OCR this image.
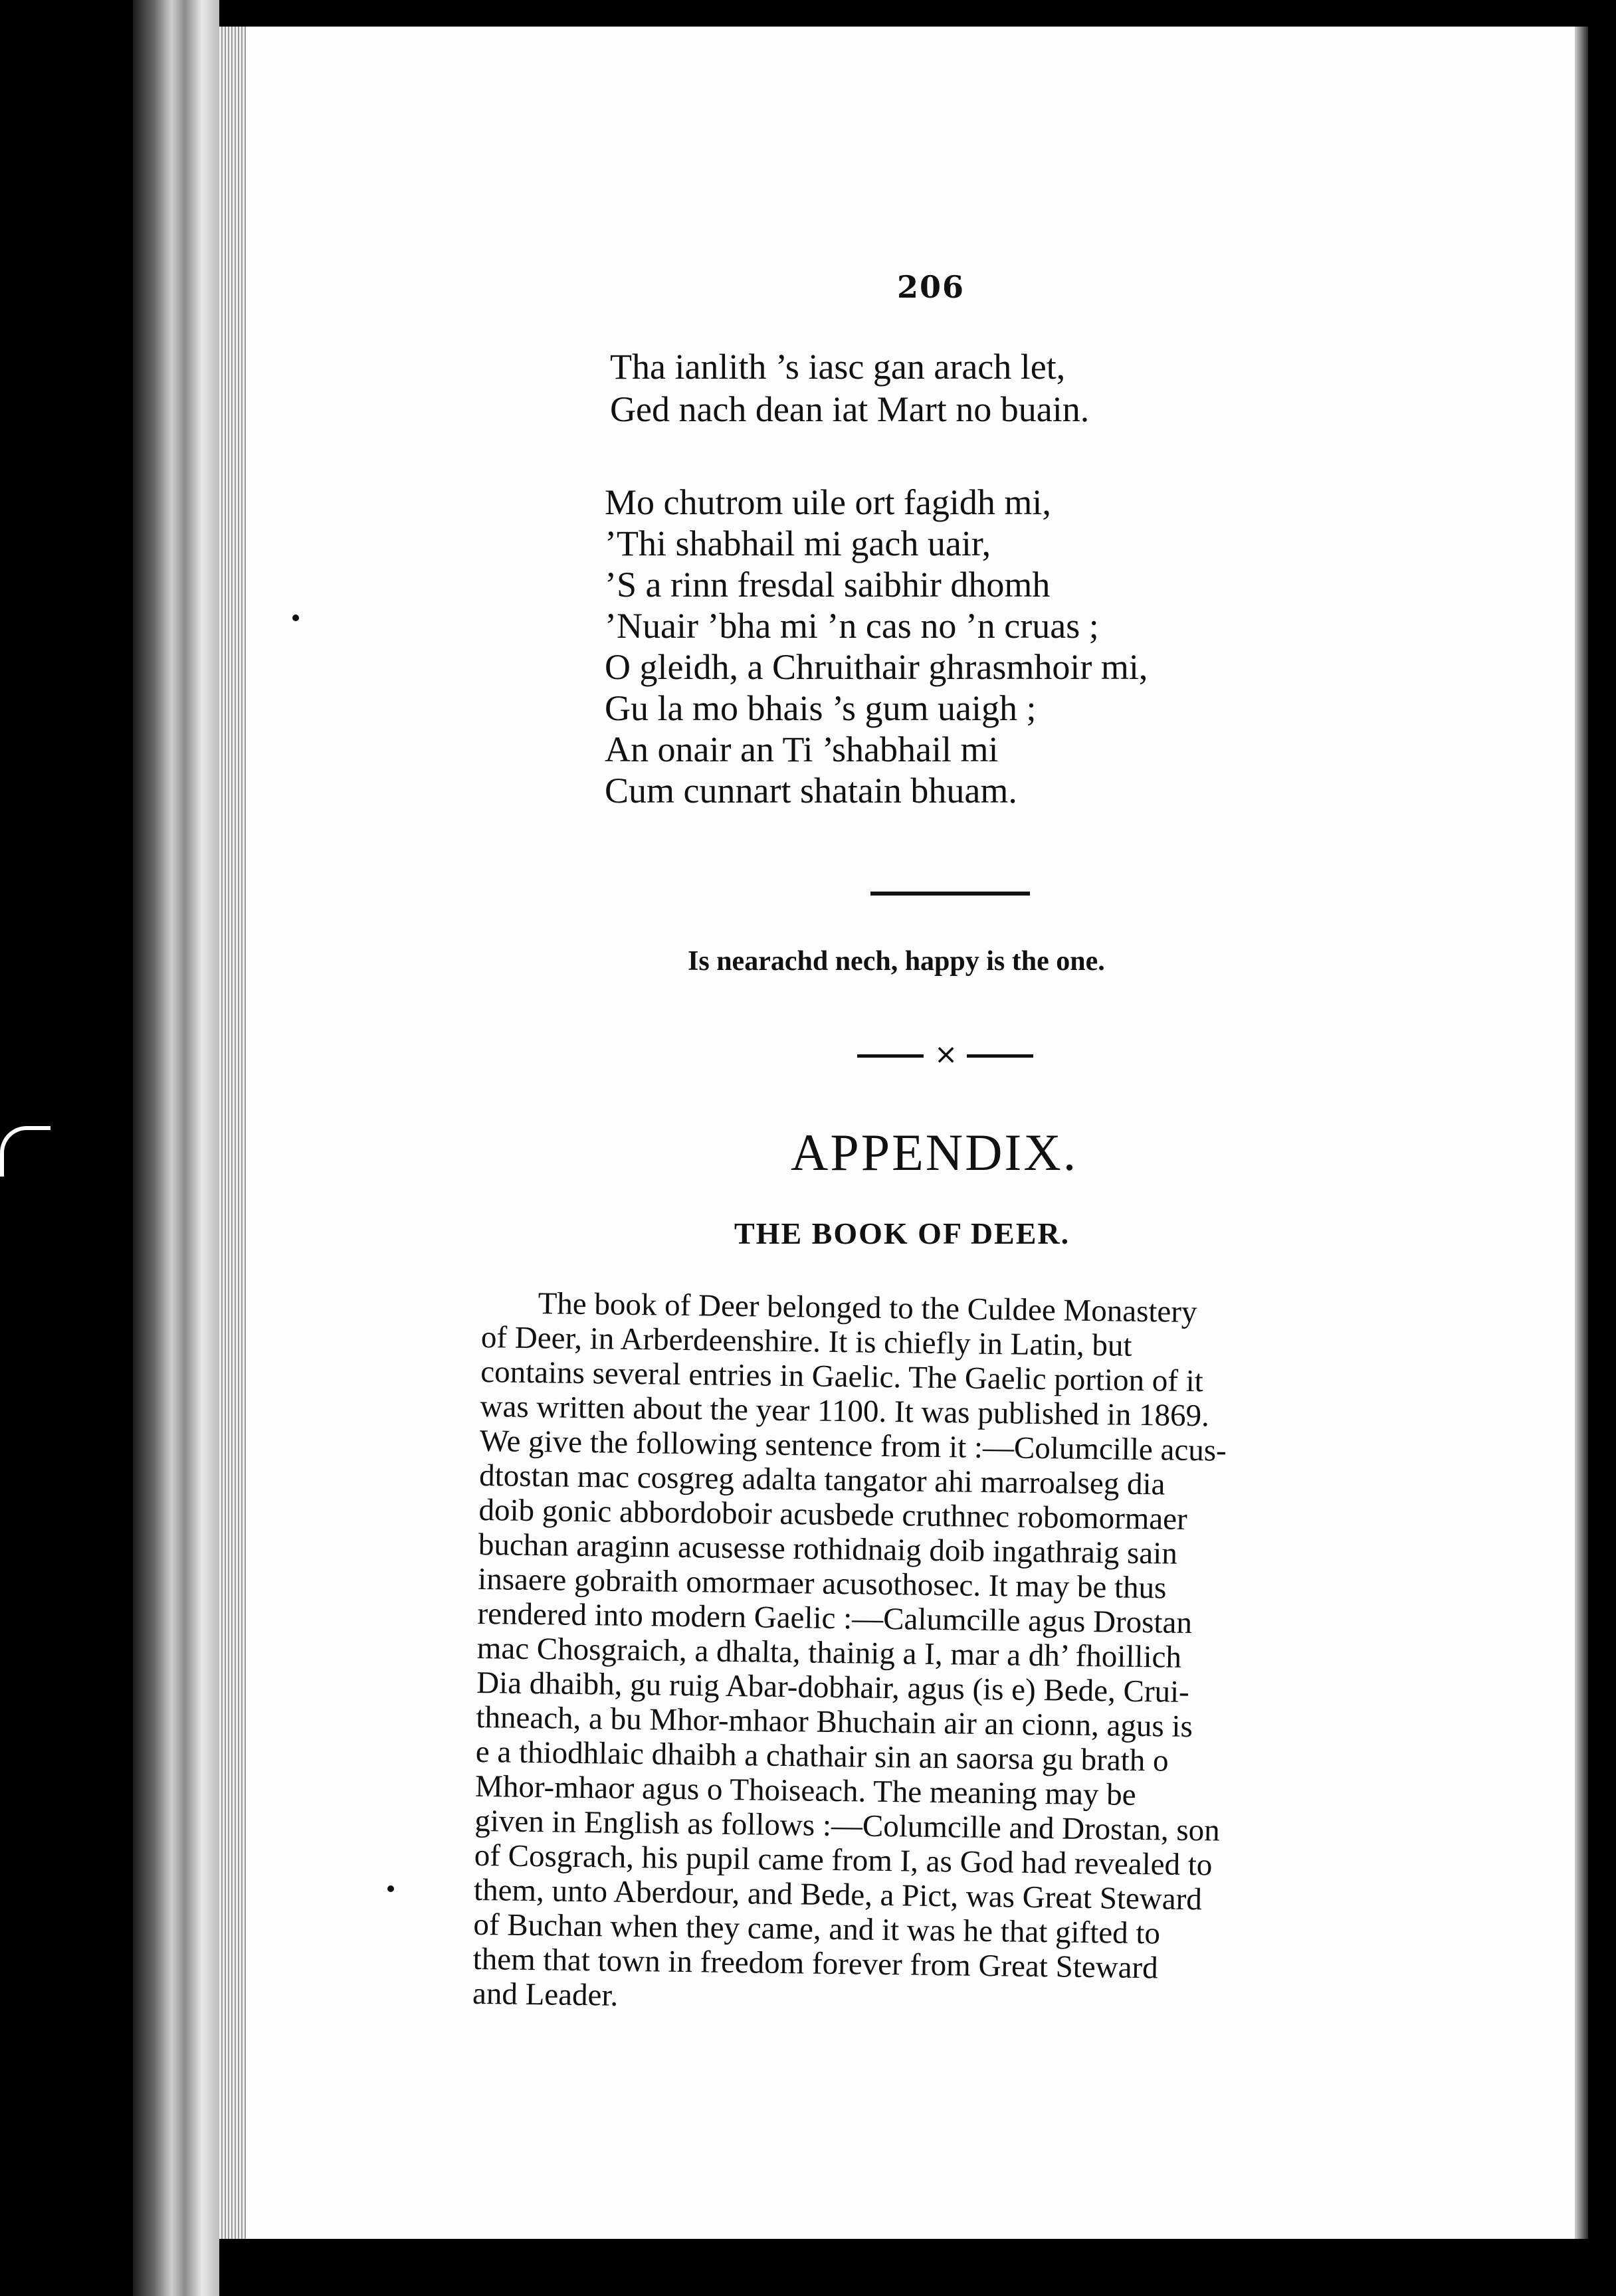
206
Tha ianlith ’s iasc gan arach let,
Ged nach dean iat Mart no buain.
Mo chutrom uile ort fagidh mi,
’Thi shabhail mi gach uair,
’S a rinn fresdal saibhir dhomh
’Nuair ’bha mi ’n cas no ’n cruas ;
O gleidh, a Chruithair ghrasmhoir mi,
Gu la mo bhais ’s gum uaigh ;
An onair an Ti ’shabhail mi
Cum cunnart shatain bhuam.
Is nearachd nech, happy is the one.
×
APPENDIX.
THE BOOK OF DEER.
The book of Deer belonged to the Culdee Monastery
of Deer, in Arberdeenshire. It is chiefly in Latin, but
contains several entries in Gaelic. The Gaelic portion of it
was written about the year 1100. It was published in 1869.
We give the following sentence from it :—Columcille acus-
dtostan mac cosgreg adalta tangator ahi marroalseg dia
doib gonic abbordoboir acusbede cruthnec robomormaer
buchan araginn acusesse rothidnaig doib ingathraig sain
insaere gobraith omormaer acusothosec. It may be thus
rendered into modern Gaelic :—Calumcille agus Drostan
mac Chosgraich, a dhalta, thainig a I, mar a dh’ fhoillich
Dia dhaibh, gu ruig Abar-dobhair, agus (is e) Bede, Crui-
thneach, a bu Mhor-mhaor Bhuchain air an cionn, agus is
e a thiodhlaic dhaibh a chathair sin an saorsa gu brath o
Mhor-mhaor agus o Thoiseach. The meaning may be
given in English as follows :—Columcille and Drostan, son
of Cosgrach, his pupil came from I, as God had revealed to
them, unto Aberdour, and Bede, a Pict, was Great Steward
of Buchan when they came, and it was he that gifted to
them that town in freedom forever from Great Steward
and Leader.
